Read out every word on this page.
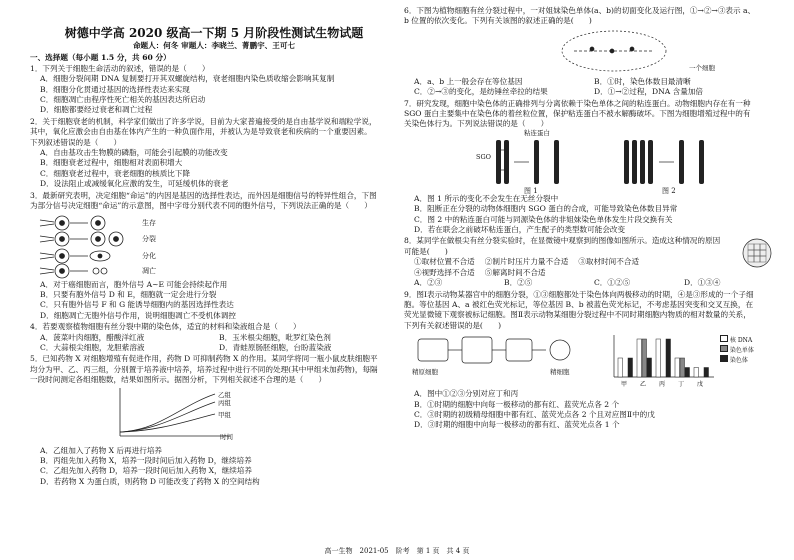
树德中学高 2020 级高一下期 5 月阶段性测试生物试题

命题人：何冬 审题人：李晓兰、菁鹏宇、王可七

一、选择题（每小题 1.5 分，共 60 分）

1．下列关于细胞生命活动的叙述，错误的是（　　）

A．细胞分裂间期 DNA 复制要打开其双螺旋结构，衰老细胞内染色质收缩会影响其复制

B．细胞分化贯通过基因的选择性表达来实现

C．细胞凋亡由程序性死亡相关的基因表达所启动

D．细胞都要经过衰老和凋亡过程

2．关于细胞衰老的机制，科学家们做出了许多学说，目前为大家普遍接受的是自由基学说和端粒学说，

其中，氧化应激会由自由基在体内产生的一种负面作用，并被认为是导致衰老和疾病的一个重要因素。

下列叙述错误的是（　　）

A．自由基攻击生物膜的磷脂，可能会引起膜的功能改变

B．细胞衰老过程中，细胞相对表面积增大

C．细胞衰老过程中，衰老细胞的核质比下降

D．设法阻止或减缓氧化应激的发生，可延缓机体的衰老

3．最新研究表明，决定细胞“命运”的内因是基因的选择性表达，而外因是细胞信号的特异性组合，下图

为部分信号决定细胞“命运”的示意图，图中字母分别代表不同的胞外信号，下列说法正确的是（　　）

生存
分裂
分化
凋亡

A．对于癌细胞而言，胞外信号 A~E 可能会持续起作用

B．只要有胞外信号 D 和 E，细胞就一定会进行分裂

C．只有胞外信号 F 和 G 能诱导细胞内的基因选择性表达

D．细胞凋亡无胞外信号作用，说明细胞凋亡不受机体调控

4．若要观察植物细胞有丝分裂中期的染色体，适宜的材料和染液组合是（　　）

A．菠菜叶肉细胞，醋酸洋红液	B．玉米根尖细胞，吡罗红染色剂
C．大蒜根尖细胞，龙胆紫溶液	D．青蛙原肠胚细胞，台盼蓝染液

5．已知药物 X 对细胞增殖有促进作用，药物 D 可抑制药物 X 的作用。某同学将同一瓶小鼠皮肤细胞平

均分为甲、乙、丙三组，分别置于培养液中培养，培养过程中进行不同的处理(其中甲组未加药物)，每隔

一段时间测定各组细胞数，结果如图所示。据图分析，下列相关叙述不合理的是（　　）

乙组
丙组
甲组
时间

A．乙组加入了药物 X 后再进行培养

B．丙组先加入药物 X，培养一段时间后加入药物 D，继续培养

C．乙组先加入药物 D，培养一段时间后加入药物 X，继续培养

D．若药物 X 为蛋白质，则药物 D 可能改变了药物 X 的空间结构

6．下图为植物细胞有丝分裂过程中，一对姐妹染色单体(a、b)的切面变化及运行图，①→②→③表示 a、

b 位置的依次变化。下列有关该图的叙述正确的是(　　)

一个细胞
A．a、b 上一般会存在等位基因	B．①时，染色体数目最清晰
C．②→③的变化，是纺锤丝牵拉的结果	D．①→②过程，DNA 含量加倍

7．研究发现，细胞中染色体的正确排列与分离依赖于染色单体之间的粘连蛋白。动物细胞内存在有一种

SGO 蛋白主要集中在染色体的着丝粒位置，保护粘连蛋白不被水解酶破坏。下图为细胞增殖过程中的有

关染色体行为。下列说法错误的是（　　）

粘连蛋白
SGO
图 1	图 2

A．图 1 所示的变化不会发生在无丝分裂中

B．阻断正在分裂的动物体细胞内 SGO 蛋白的合成，可能导致染色体数目异常

C．图 2 中的粘连蛋白可能与同源染色体的非姐妹染色单体发生片段交换有关

D．若在联会之前破坏粘连蛋白，产生配子的类型数可能会改变

8．某同学在做根尖有丝分裂实验时，在显微镜中观察到的图像如图所示。造成这种情况的原因

可能是(　　)

①取材位置不合适　 ②制片时压片力量不合适　 ③取材时间不合适

④视野选择不合适　 ⑤解离时间不合适

A．②③	B．②⑤	C．①②⑤	D．①③④

9．图Ⅰ表示动物某器官中的细胞分裂，①③细胞都处于染色体向两极移动的时期，④是③形成的一个子细

胞。等位基因 A、a 被红色荧光标记，等位基因 B、b 被蓝色荧光标记，不考虑基因突变和交叉互换，在

荧光显微镜下观察被标记细胞。图Ⅱ表示动物某细胞分裂过程中不同时期细胞内物质的相对数量的关系，

下列有关叙述错误的是(　　)

精原细胞	精细胞
甲 乙 丙 丁 戊
核 DNA
染色单体
染色体

A．图中①②③分别对应丁和丙

B．①时期的细胞中向每一极移动的都有红、蓝荧光点各 2 个

C．③时期的初级精母细胞中都有红、蓝荧光点各 2 个且对应图Ⅱ中的戊

D．③时期的细胞中向每一极移动的都有红、蓝荧光点各 1 个

高一生物　2021-05　阶考　第 1 页　共 4 页
